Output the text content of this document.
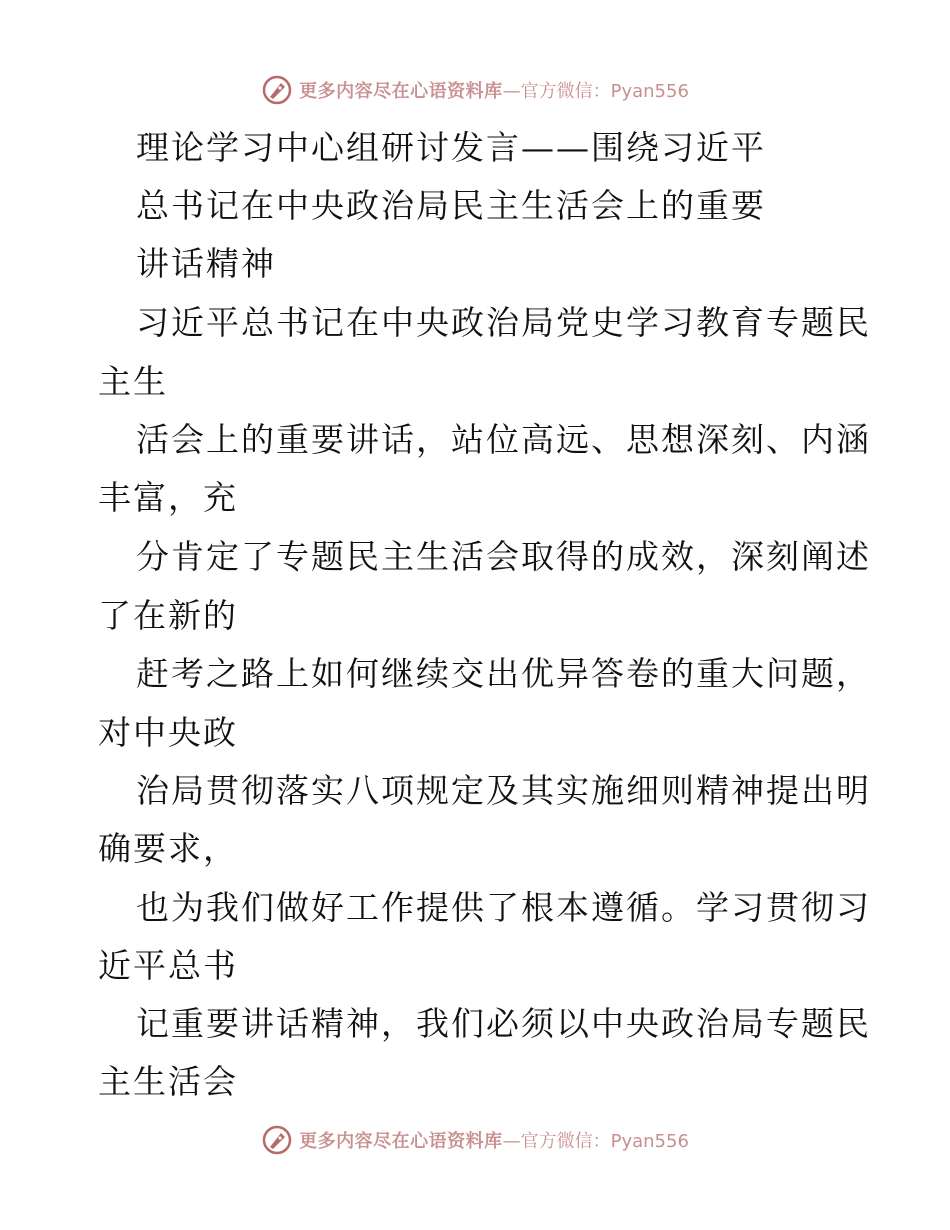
更多内容尽在心语资料库 —官方微信：Pyan556
理论学习中心组研讨发言——围绕习近平
总书记在中央政治局民主生活会上的重要
讲话精神
习近平总书记在中央政治局党史学习教育专题民
主生
活会上的重要讲话，站位高远、思想深刻、内涵
丰富，充
分肯定了专题民主生活会取得的成效，深刻阐述
了在新的
赶考之路上如何继续交出优异答卷的重大问题，
对中央政
治局贯彻落实八项规定及其实施细则精神提出明
确要求，
也为我们做好工作提供了根本遵循。学习贯彻习
近平总书
记重要讲话精神，我们必须以中央政治局专题民
主生活会
更多内容尽在心语资料库 —官方微信：Pyan556
